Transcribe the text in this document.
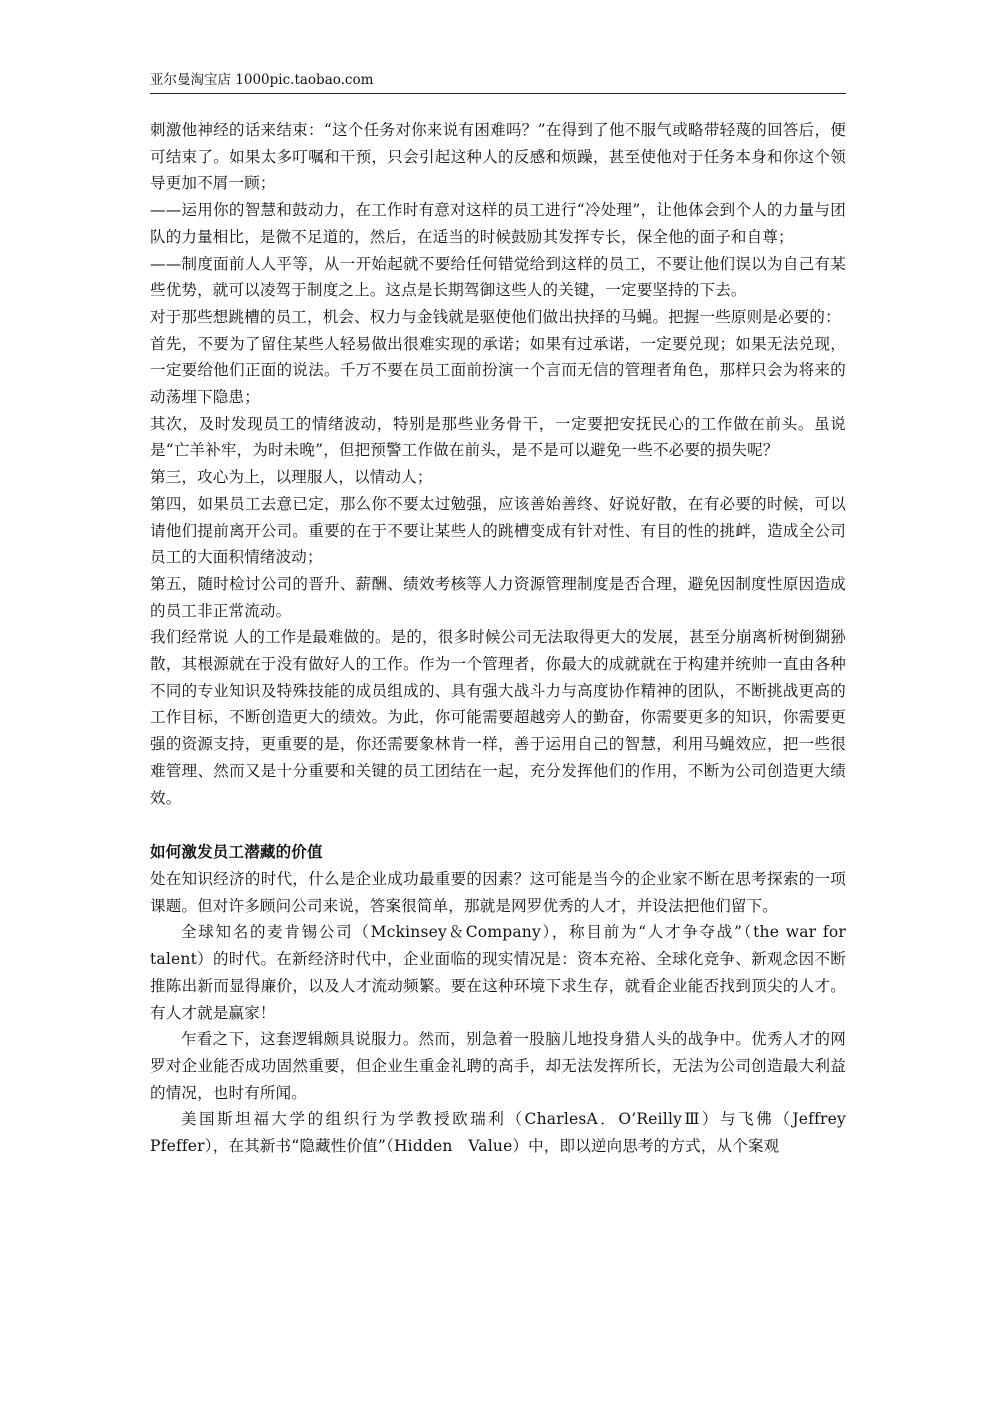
亚尔曼淘宝店 1000pic.taobao.com

刺激他神经的话来结束：“这个任务对你来说有困难吗？”在得到了他不服气或略带轻蔑的回答后，便可结束了。如果太多叮嘱和干预，只会引起这种人的反感和烦躁，甚至使他对于任务本身和你这个领导更加不屑一顾；

——运用你的智慧和鼓动力，在工作时有意对这样的员工进行“冷处理”，让他体会到个人的力量与团队的力量相比，是微不足道的，然后，在适当的时候鼓励其发挥专长，保全他的面子和自尊；

——制度面前人人平等，从一开始起就不要给任何错觉给到这样的员工，不要让他们误以为自己有某些优势，就可以凌驾于制度之上。这点是长期驾御这些人的关键，一定要坚持的下去。

对于那些想跳槽的员工，机会、权力与金钱就是驱使他们做出抉择的马蝇。把握一些原则是必要的：

首先，不要为了留住某些人轻易做出很难实现的承诺；如果有过承诺，一定要兑现；如果无法兑现，一定要给他们正面的说法。千万不要在员工面前扮演一个言而无信的管理者角色，那样只会为将来的动荡埋下隐患；

其次，及时发现员工的情绪波动，特别是那些业务骨干，一定要把安抚民心的工作做在前头。虽说是“亡羊补牢，为时未晚”，但把预警工作做在前头，是不是可以避免一些不必要的损失呢？

第三，攻心为上，以理服人，以情动人；

第四，如果员工去意已定，那么你不要太过勉强，应该善始善终、好说好散，在有必要的时候，可以请他们提前离开公司。重要的在于不要让某些人的跳槽变成有针对性、有目的性的挑衅，造成全公司员工的大面积情绪波动；

第五，随时检讨公司的晋升、薪酬、绩效考核等人力资源管理制度是否合理，避免因制度性原因造成的员工非正常流动。

我们经常说 人的工作是最难做的。是的，很多时候公司无法取得更大的发展，甚至分崩离析树倒猢狲散，其根源就在于没有做好人的工作。作为一个管理者，你最大的成就就在于构建并统帅一直由各种不同的专业知识及特殊技能的成员组成的、具有强大战斗力与高度协作精神的团队，不断挑战更高的工作目标，不断创造更大的绩效。为此，你可能需要超越旁人的勤奋，你需要更多的知识，你需要更强的资源支持，更重要的是，你还需要象林肯一样，善于运用自己的智慧，利用马蝇效应，把一些很难管理、然而又是十分重要和关键的员工团结在一起，充分发挥他们的作用，不断为公司创造更大绩效。

如何激发员工潜藏的价值

处在知识经济的时代，什么是企业成功最重要的因素？这可能是当今的企业家不断在思考探索的一项课题。但对许多顾问公司来说，答案很简单，那就是网罗优秀的人才，并设法把他们留下。

全球知名的麦肯锡公司（Mckinsey＆Company），称目前为“人才争夺战”（the war for talent）的时代。在新经济时代中，企业面临的现实情况是：资本充裕、全球化竞争、新观念因不断推陈出新而显得廉价，以及人才流动频繁。要在这种环境下求生存，就看企业能否找到顶尖的人才。有人才就是赢家！

乍看之下，这套逻辑颇具说服力。然而，别急着一股脑儿地投身猎人头的战争中。优秀人才的网罗对企业能否成功固然重要，但企业生重金礼聘的高手，却无法发挥所长，无法为公司创造最大利益的情况，也时有所闻。

美国斯坦福大学的组织行为学教授欧瑞利（CharlesA．O’ReillyⅢ）与飞佛（Jeffrey Pfeffer），在其新书“隐藏性价值”（Hidden　Value）中，即以逆向思考的方式，从个案观
